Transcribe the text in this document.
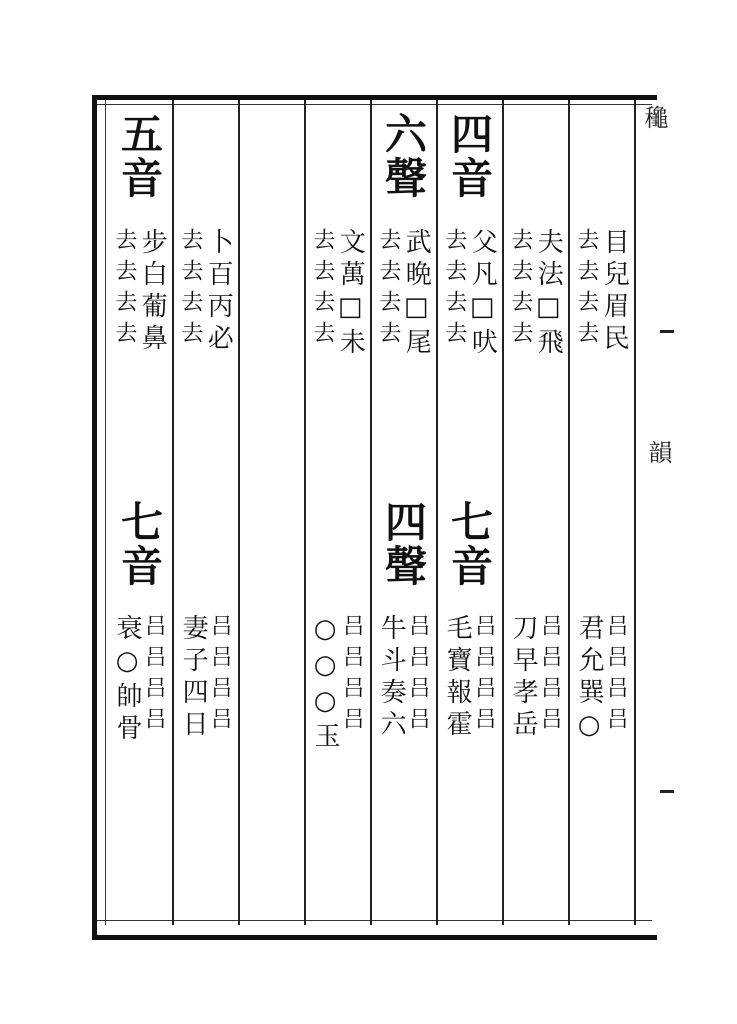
五音
步白葡鼻
去去去去
七音
吕吕吕吕
衰○帥骨
卜百丙必
去去去去
吕吕吕吕
妻子四日
文萬□未
去去去去
吕吕吕吕
○○○玉
六聲
武晩□尾
去去去去
四聲
吕吕吕吕
牛斗奏六
四音
父凡□吠
去去去去
七音
吕吕吕吕
毛寶報霍
夫法□飛
去去去去
吕吕吕吕
刀早孝岳
目兒眉民
去去去去
吕吕吕吕
君允巽○
䆋
韻
